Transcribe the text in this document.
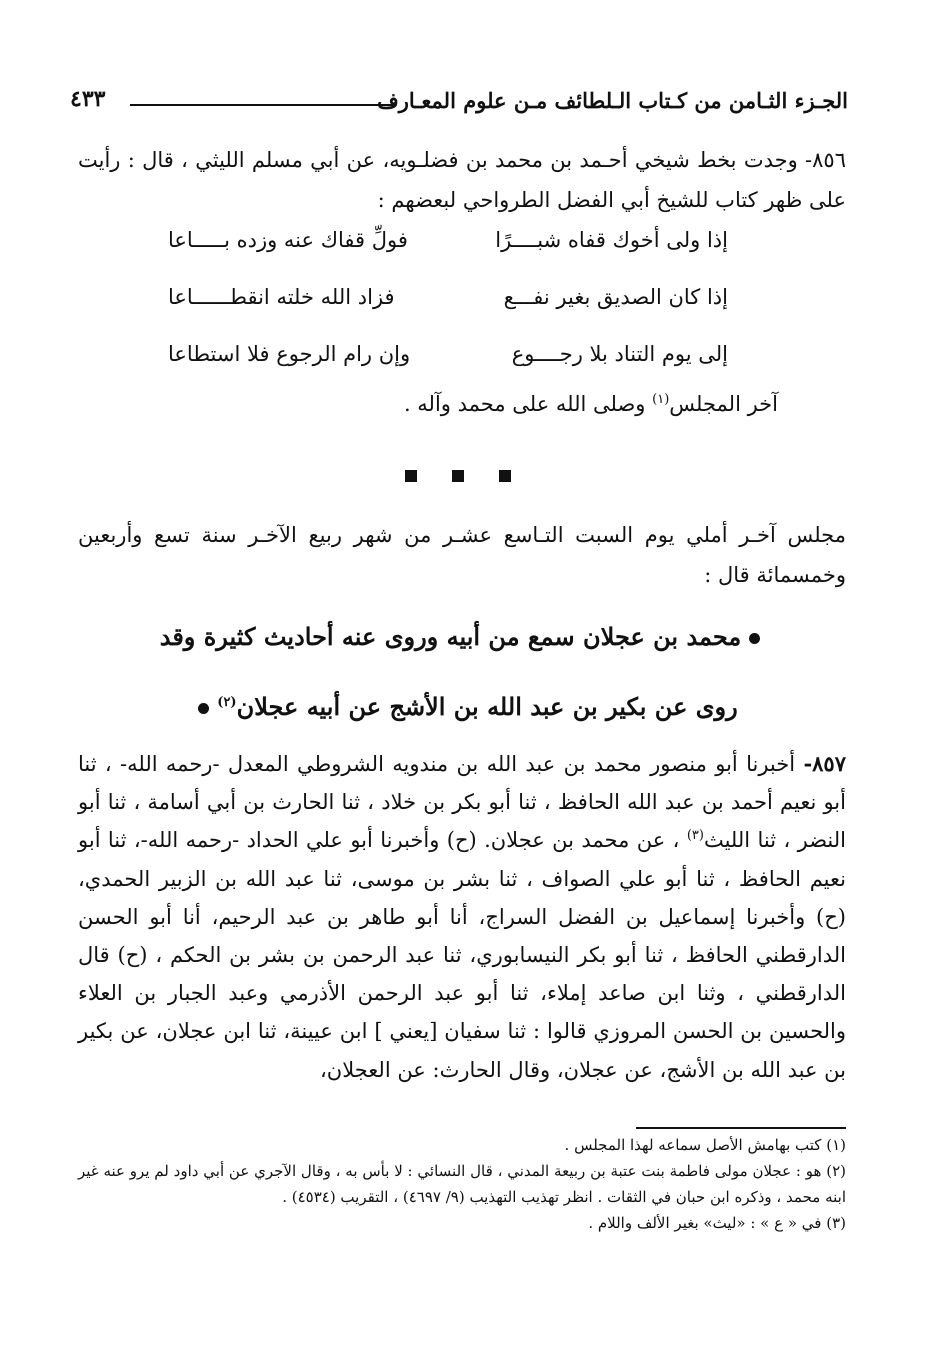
الجـزء الثـامن من كـتاب الـلطائف مـن علوم المعـارف
٤٣٣
٨٥٦- وجدت بخط شيخي أحـمد بن محمد بن فضلـويه، عن أبي مسلم الليثي ، قال : رأيت على ظهر كتاب للشيخ أبي الفضل الطرواحي لبعضهم :
إذا ولى أخوك قفاه شبــــرًا
فولِّ قفاك عنه وزده بـــــاعا
إذا كان الصديق بغير نفـــع
فزاد الله خلته انقطــــــاعا
إلى يوم التناد بلا رجــــوع
وإن رام الرجوع فلا استطاعا
آخر المجلس$^{(١)}$ وصلى الله على محمد وآله .
مجلس آخـر أملي يوم السبت التـاسع عشـر من شهر ربيع الآخـر سنة تسع وأربعين وخمسمائة قال :
محمد بن عجلان سمع من أبيه وروى عنه أحاديث كثيرة وقد
روى عن بكير بن عبد الله بن الأشج عن أبيه عجلان$^{(٢)}$
٨٥٧- أخبرنا أبو منصور محمد بن عبد الله بن مندويه الشروطي المعدل -رحمه الله- ، ثنا أبو نعيم أحمد بن عبد الله الحافظ ، ثنا أبو بكر بن خلاد ، ثنا الحارث بن أبي أسامة ، ثنا أبو النضر ، ثنا الليث$^{(٣)}$ ، عن محمد بن عجلان. (ح) وأخبرنا أبو علي الحداد -رحمه الله-، ثنا أبو نعيم الحافظ ، ثنا أبو علي الصواف ، ثنا بشر بن موسى، ثنا عبد الله بن الزبير الحمدي، (ح) وأخبرنا إسماعيل بن الفضل السراج، أنا أبو طاهر بن عبد الرحيم، أنا أبو الحسن الدارقطني الحافظ ، ثنا أبو بكر النيسابوري، ثنا عبد الرحمن بن بشر بن الحكم ، (ح) قال الدارقطني ، وثنا ابن صاعد إملاء، ثنا أبو عبد الرحمن الأذرمي وعبد الجبار بن العلاء والحسين بن الحسن المروزي قالوا : ثنا سفيان [يعني ] ابن عيينة، ثنا ابن عجلان، عن بكير بن عبد الله بن الأشج، عن عجلان، وقال الحارث: عن العجلان،

(١) كتب بهامش الأصل سماعه لهذا المجلس .

(٢) هو : عجلان مولى فاطمة بنت عتبة بن ربيعة المدني ، قال النسائي : لا بأس به ، وقال الآجري عن أبي داود لم يرو عنه غير ابنه محمد ، وذكره ابن حبان في الثقات . انظر تهذيب التهذيب (٩/ ٤٦٩٧) ، التقريب (٤٥٣٤) .

(٣) في « ع » : «ليث» بغير الألف واللام .
